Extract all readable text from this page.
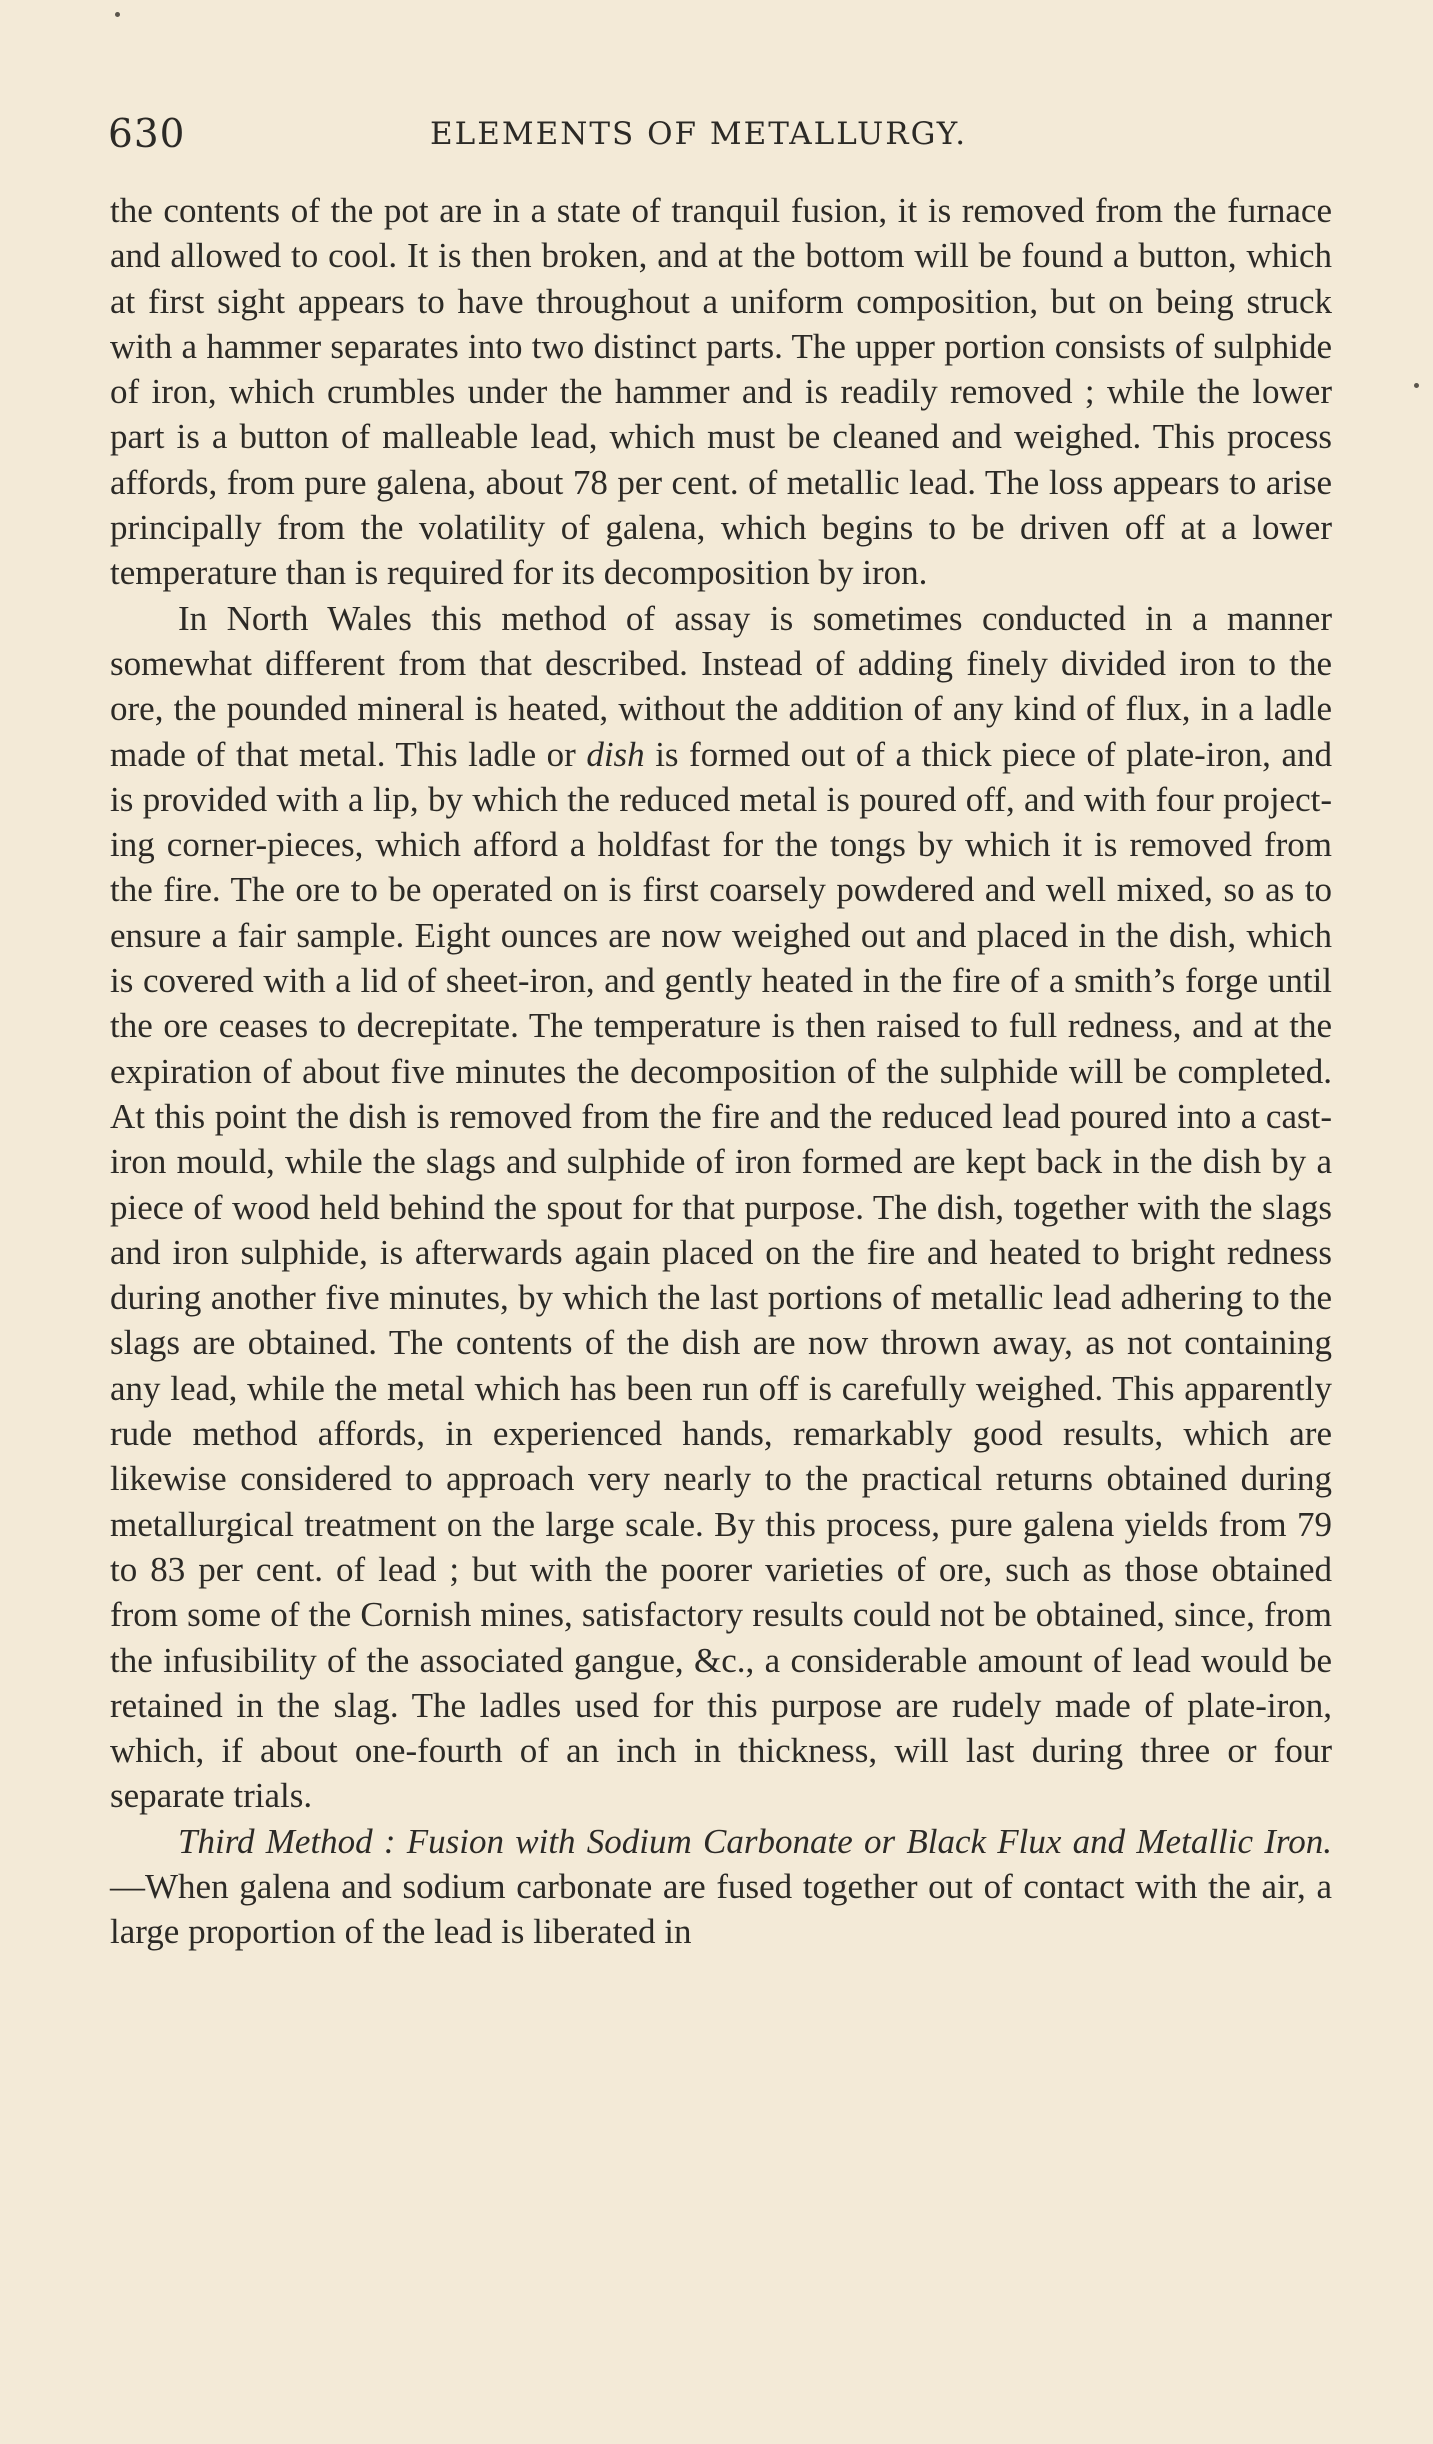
630	ELEMENTS OF METALLURGY.

the contents of the pot are in a state of tranquil fusion, it is removed from the furnace and allowed to cool. It is then broken, and at the bottom will be found a button, which at first sight appears to have throughout a uniform composition, but on being struck with a hammer separates into two distinct parts. The upper portion consists of sulphide of iron, which crumbles under the hammer and is readily removed ; while the lower part is a button of malleable lead, which must be cleaned and weighed. This process affords, from pure galena, about 78 per cent. of metallic lead. The loss appears to arise principally from the volatility of galena, which begins to be driven off at a lower temperature than is required for its decomposition by iron.

In North Wales this method of assay is sometimes conducted in a manner somewhat different from that described. Instead of adding finely divided iron to the ore, the pounded mineral is heated, without the addition of any kind of flux, in a ladle made of that metal. This ladle or dish is formed out of a thick piece of plate-iron, and is provided with a lip, by which the reduced metal is poured off, and with four projecting corner-pieces, which afford a holdfast for the tongs by which it is removed from the fire. The ore to be operated on is first coarsely powdered and well mixed, so as to ensure a fair sample. Eight ounces are now weighed out and placed in the dish, which is covered with a lid of sheet-iron, and gently heated in the fire of a smith’s forge until the ore ceases to decrepitate. The temperature is then raised to full redness, and at the expiration of about five minutes the decomposition of the sulphide will be completed. At this point the dish is removed from the fire and the reduced lead poured into a cast-iron mould, while the slags and sulphide of iron formed are kept back in the dish by a piece of wood held behind the spout for that purpose. The dish, together with the slags and iron sulphide, is afterwards again placed on the fire and heated to bright redness during another five minutes, by which the last portions of metallic lead adhering to the slags are obtained. The contents of the dish are now thrown away, as not containing any lead, while the metal which has been run off is carefully weighed. This apparently rude method affords, in experienced hands, remarkably good results, which are likewise considered to approach very nearly to the practical returns obtained during metallurgical treatment on the large scale. By this process, pure galena yields from 79 to 83 per cent. of lead ; but with the poorer varieties of ore, such as those obtained from some of the Cornish mines, satisfactory results could not be obtained, since, from the infusibility of the associated gangue, &c., a considerable amount of lead would be retained in the slag. The ladles used for this purpose are rudely made of plate-iron, which, if about one-fourth of an inch in thickness, will last during three or four separate trials.

Third Method : Fusion with Sodium Carbonate or Black Flux and Metallic Iron.—When galena and sodium carbonate are fused together out of contact with the air, a large proportion of the lead is liberated in
